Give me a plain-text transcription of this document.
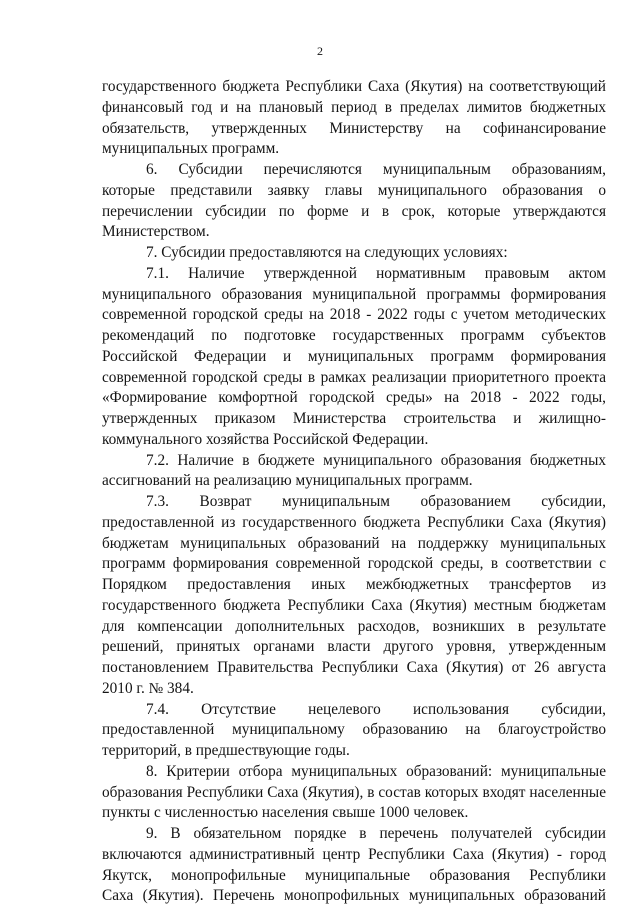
2
государственного бюджета Республики Саха (Якутия) на соответствующий
финансовый год и на плановый период в пределах лимитов бюджетных
обязательств, утвержденных Министерству на софинансирование
муниципальных программ.
6. Субсидии перечисляются муниципальным образованиям,
которые представили заявку главы муниципального образования о
перечислении субсидии по форме и в срок, которые утверждаются
Министерством.
7. Субсидии предоставляются на следующих условиях:
7.1. Наличие утвержденной нормативным правовым актом
муниципального образования муниципальной программы формирования
современной городской среды на 2018 - 2022 годы с учетом методических
рекомендаций по подготовке государственных программ субъектов
Российской Федерации и муниципальных программ формирования
современной городской среды в рамках реализации приоритетного проекта
«Формирование комфортной городской среды» на 2018 - 2022 годы,
утвержденных приказом Министерства строительства и жилищно-
коммунального хозяйства Российской Федерации.
7.2. Наличие в бюджете муниципального образования бюджетных
ассигнований на реализацию муниципальных программ.
7.3. Возврат муниципальным образованием субсидии,
предоставленной из государственного бюджета Республики Саха (Якутия)
бюджетам муниципальных образований на поддержку муниципальных
программ формирования современной городской среды, в соответствии с
Порядком предоставления иных межбюджетных трансфертов из
государственного бюджета Республики Саха (Якутия) местным бюджетам
для компенсации дополнительных расходов, возникших в результате
решений, принятых органами власти другого уровня, утвержденным
постановлением Правительства Республики Саха (Якутия) от 26 августа
2010 г. № 384.
7.4. Отсутствие нецелевого использования субсидии,
предоставленной муниципальному образованию на благоустройство
территорий, в предшествующие годы.
8. Критерии отбора муниципальных образований: муниципальные
образования Республики Саха (Якутия), в состав которых входят населенные
пункты с численностью населения свыше 1000 человек.
9. В обязательном порядке в перечень получателей субсидии
включаются административный центр Республики Саха (Якутия) - город
Якутск, монопрофильные муниципальные образования Республики
Саха (Якутия). Перечень монопрофильных муниципальных образований
